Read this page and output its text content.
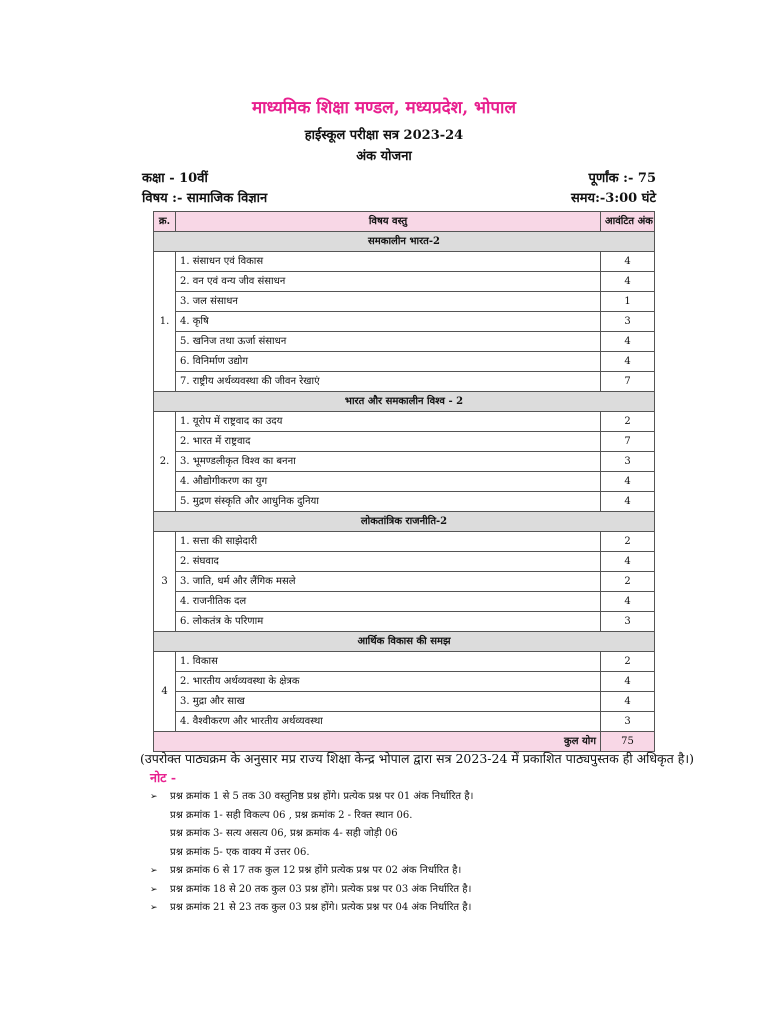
माध्यमिक शिक्षा मण्डल, मध्यप्रदेश, भोपाल
हाईस्कूल परीक्षा सत्र 2023-24
अंक योजना
कक्षा - 10वीं	पूर्णांक :- 75
विषय :- सामाजिक विज्ञान	समय:-3:00 घंटे
क्र.	विषय वस्तु	आवंटित अंक
समकालीन भारत-2		
1.	1. संसाधन एवं विकास	4
	2. वन एवं वन्य जीव संसाधन	4
	3. जल संसाधन	1
	4. कृषि	3
	5. खनिज तथा ऊर्जा संसाधन	4
	6. विनिर्माण उद्योग	4
	7. राष्ट्रीय अर्थव्यवस्था की जीवन रेखाएं	7
भारत और समकालीन विश्व - 2		
2.	1. यूरोप में राष्ट्रवाद का उदय	2
	2. भारत में राष्ट्रवाद	7
	3. भूमण्डलीकृत विश्व का बनना	3
	4. औद्योगीकरण का युग	4
	5. मुद्रण संस्कृति और आधुनिक दुनिया	4
लोकतांत्रिक राजनीति-2		
3	1. सत्ता की साझेदारी	2
	2. संघवाद	4
	3. जाति, धर्म और लैंगिक मसले	2
	4. राजनीतिक दल	4
	6. लोकतंत्र के परिणाम	3
आर्थिक विकास की समझ		
4	1. विकास	2
	2. भारतीय अर्थव्यवस्था के क्षेत्रक	4
	3. मुद्रा और साख	4
	4. वैश्वीकरण और भारतीय अर्थव्यवस्था	3
कुल योग		75
(उपरोक्त पाठ्यक्रम के अनुसार मप्र राज्य शिक्षा केन्द्र भोपाल द्वारा सत्र 2023-24 में प्रकाशित पाठ्यपुस्तक ही अधिकृत है।)
नोट -
➢ प्रश्न क्रमांक 1 से 5 तक 30 वस्तुनिष्ठ प्रश्न होंगे। प्रत्येक प्रश्न पर 01 अंक निर्धारित है।
प्रश्न क्रमांक 1- सही विकल्प 06 , प्रश्न क्रमांक 2 - रिक्त स्थान 06.
प्रश्न क्रमांक 3- सत्य असत्य 06, प्रश्न क्रमांक 4- सही जोड़ी 06
प्रश्न क्रमांक 5- एक वाक्य में उत्तर 06.
➢ प्रश्न क्रमांक 6 से 17 तक कुल 12 प्रश्न होंगे प्रत्येक प्रश्न पर 02 अंक निर्धारित है।
➢ प्रश्न क्रमांक 18 से 20 तक कुल 03 प्रश्न होंगे। प्रत्येक प्रश्न पर 03 अंक निर्धारित है।
➢ प्रश्न क्रमांक 21 से 23 तक कुल 03 प्रश्न होंगे। प्रत्येक प्रश्न पर 04 अंक निर्धारित है।
